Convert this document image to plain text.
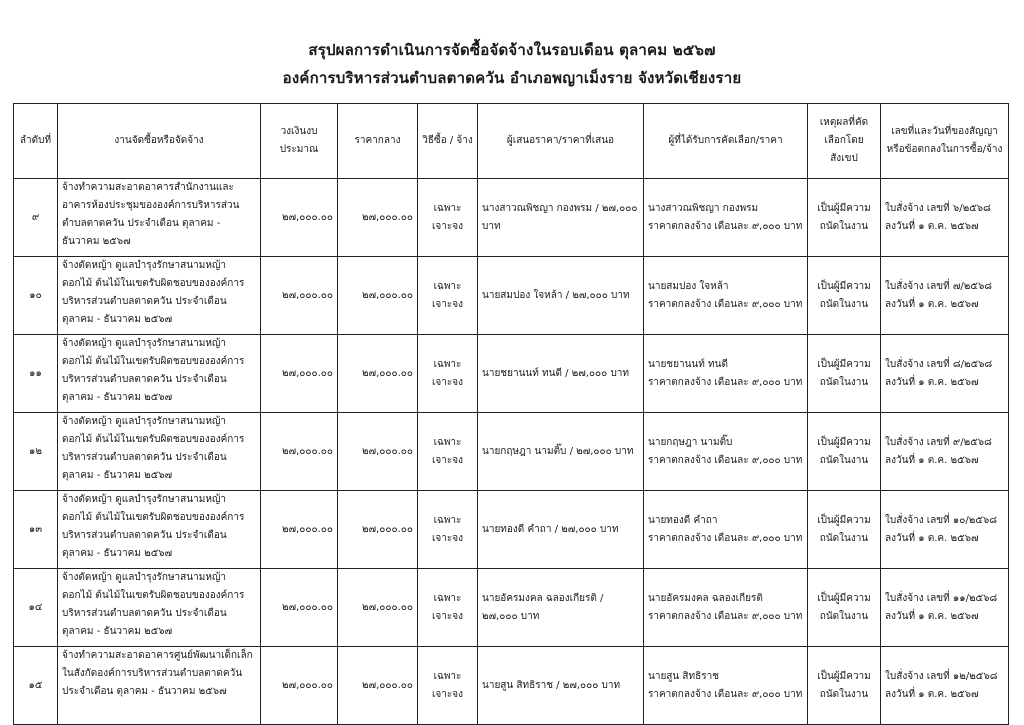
สรุปผลการดำเนินการจัดซื้อจัดจ้างในรอบเดือน ตุลาคม ๒๕๖๗
องค์การบริหารส่วนตำบลตาดควัน อำเภอพญาเม็งราย จังหวัดเชียงราย
ลำดับที่	งานจัดซื้อหรือจัดจ้าง	วงเงินงบประมาณ	ราคากลาง	วิธีซื้อ / จ้าง	ผู้เสนอราคา/ราคาที่เสนอ	ผู้ที่ได้รับการคัดเลือก/ราคา	เหตุผลที่คัดเลือกโดยสังเขป	เลขที่และวันที่ของสัญญาหรือข้อตกลงในการซื้อ/จ้าง
๙	จ้างทำความสะอาดอาคารสำนักงานและอาคารห้องประชุมขององค์การบริหารส่วนตำบลตาดควัน ประจำเดือน ตุลาคม - ธันวาคม ๒๕๖๗	๒๗,๐๐๐.๐๐	๒๗,๐๐๐.๐๐	เฉพาะเจาะจง	นางสาวณพิชญา กองพรม / ๒๗,๐๐๐ บาท	นางสาวณพิชญา กองพรม
ราคาตกลงจ้าง เดือนละ ๙,๐๐๐ บาท	เป็นผู้มีความถนัดในงาน	ใบสั่งจ้าง เลขที่ ๖/๒๕๖๘
ลงวันที่ ๑ ต.ค. ๒๕๖๗

๑๐	จ้างตัดหญ้า ดูแลบำรุงรักษาสนามหญ้า ดอกไม้ ต้นไม้ในเขตรับผิดชอบขององค์การบริหารส่วนตำบลตาดควัน ประจำเดือน ตุลาคม - ธันวาคม ๒๕๖๗	๒๗,๐๐๐.๐๐	๒๗,๐๐๐.๐๐	เฉพาะเจาะจง	นายสมปอง ใจหล้า / ๒๗,๐๐๐ บาท	นายสมปอง ใจหล้า
ราคาตกลงจ้าง เดือนละ ๙,๐๐๐ บาท	เป็นผู้มีความถนัดในงาน	ใบสั่งจ้าง เลขที่ ๗/๒๕๖๘
ลงวันที่ ๑ ต.ค. ๒๕๖๗

๑๑	จ้างตัดหญ้า ดูแลบำรุงรักษาสนามหญ้า ดอกไม้ ต้นไม้ในเขตรับผิดชอบขององค์การบริหารส่วนตำบลตาดควัน ประจำเดือน ตุลาคม - ธันวาคม ๒๕๖๗	๒๗,๐๐๐.๐๐	๒๗,๐๐๐.๐๐	เฉพาะเจาะจง	นายชยานนท์ ทนดี / ๒๗,๐๐๐ บาท	นายชยานนท์ ทนดี
ราคาตกลงจ้าง เดือนละ ๙,๐๐๐ บาท	เป็นผู้มีความถนัดในงาน	ใบสั่งจ้าง เลขที่ ๘/๒๕๖๘
ลงวันที่ ๑ ต.ค. ๒๕๖๗

๑๒	จ้างตัดหญ้า ดูแลบำรุงรักษาสนามหญ้า ดอกไม้ ต้นไม้ในเขตรับผิดชอบขององค์การบริหารส่วนตำบลตาดควัน ประจำเดือน ตุลาคม - ธันวาคม ๒๕๖๗	๒๗,๐๐๐.๐๐	๒๗,๐๐๐.๐๐	เฉพาะเจาะจง	นายกฤษฎา นามติ๊บ / ๒๗,๐๐๐ บาท	นายกฤษฎา นามติ๊บ
ราคาตกลงจ้าง เดือนละ ๙,๐๐๐ บาท	เป็นผู้มีความถนัดในงาน	ใบสั่งจ้าง เลขที่ ๙/๒๕๖๘
ลงวันที่ ๑ ต.ค. ๒๕๖๗

๑๓	จ้างตัดหญ้า ดูแลบำรุงรักษาสนามหญ้า ดอกไม้ ต้นไม้ในเขตรับผิดชอบขององค์การบริหารส่วนตำบลตาดควัน ประจำเดือน ตุลาคม - ธันวาคม ๒๕๖๗	๒๗,๐๐๐.๐๐	๒๗,๐๐๐.๐๐	เฉพาะเจาะจง	นายทองดี คำถา / ๒๗,๐๐๐ บาท	นายทองดี คำถา
ราคาตกลงจ้าง เดือนละ ๙,๐๐๐ บาท	เป็นผู้มีความถนัดในงาน	ใบสั่งจ้าง เลขที่ ๑๐/๒๕๖๘
ลงวันที่ ๑ ต.ค. ๒๕๖๗

๑๔	จ้างตัดหญ้า ดูแลบำรุงรักษาสนามหญ้า ดอกไม้ ต้นไม้ในเขตรับผิดชอบขององค์การบริหารส่วนตำบลตาดควัน ประจำเดือน ตุลาคม - ธันวาคม ๒๕๖๗	๒๗,๐๐๐.๐๐	๒๗,๐๐๐.๐๐	เฉพาะเจาะจง	นายอัครมงคล ฉลองเกียรติ / ๒๗,๐๐๐ บาท	นายอัครมงคล ฉลองเกียรติ
ราคาตกลงจ้าง เดือนละ ๙,๐๐๐ บาท	เป็นผู้มีความถนัดในงาน	ใบสั่งจ้าง เลขที่ ๑๑/๒๕๖๘
ลงวันที่ ๑ ต.ค. ๒๕๖๗

๑๕	จ้างทำความสะอาดอาคารศูนย์พัฒนาเด็กเล็กในสังกัดองค์การบริหารส่วนตำบลตาดควัน ประจำเดือน ตุลาคม - ธันวาคม ๒๕๖๗	๒๗,๐๐๐.๐๐	๒๗,๐๐๐.๐๐	เฉพาะเจาะจง	นายสูน สิทธิราช / ๒๗,๐๐๐ บาท	นายสูน สิทธิราช
ราคาตกลงจ้าง เดือนละ ๙,๐๐๐ บาท	เป็นผู้มีความถนัดในงาน	ใบสั่งจ้าง เลขที่ ๑๒/๒๕๖๘
ลงวันที่ ๑ ต.ค. ๒๕๖๗
